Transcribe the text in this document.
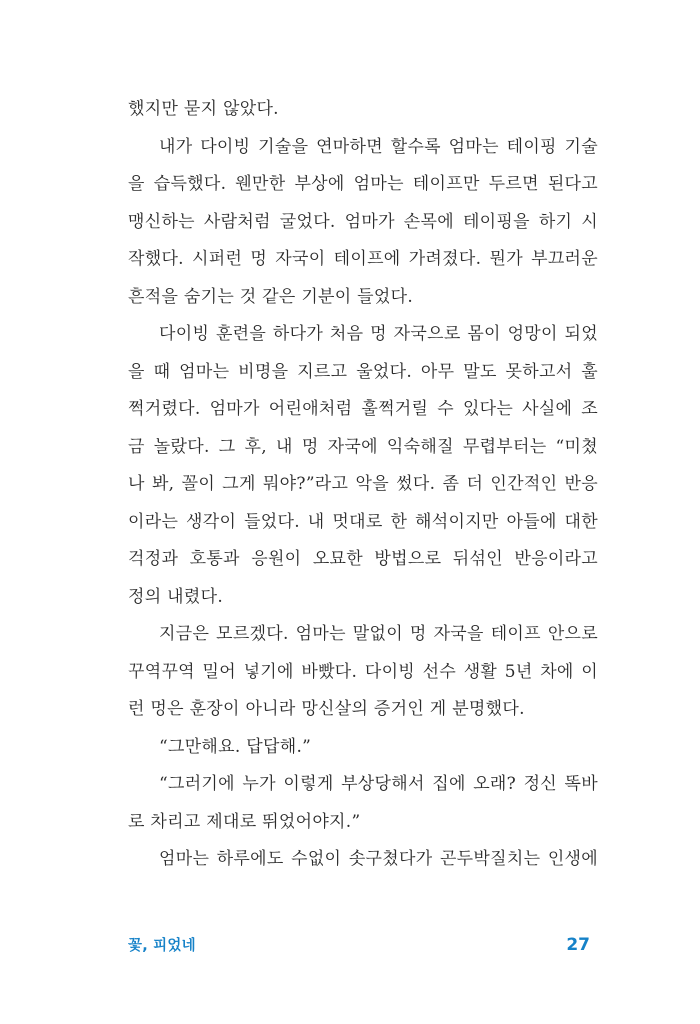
했지만 묻지 않았다.
내가 다이빙 기술을 연마하면 할수록 엄마는 테이핑 기술
을 습득했다. 웬만한 부상에 엄마는 테이프만 두르면 된다고
맹신하는 사람처럼 굴었다. 엄마가 손목에 테이핑을 하기 시
작했다. 시퍼런 멍 자국이 테이프에 가려졌다. 뭔가 부끄러운
흔적을 숨기는 것 같은 기분이 들었다.
다이빙 훈련을 하다가 처음 멍 자국으로 몸이 엉망이 되었
을 때 엄마는 비명을 지르고 울었다. 아무 말도 못하고서 훌
쩍거렸다. 엄마가 어린애처럼 훌쩍거릴 수 있다는 사실에 조
금 놀랐다. 그 후, 내 멍 자국에 익숙해질 무렵부터는 “미쳤
나 봐, 꼴이 그게 뭐야?”라고 악을 썼다. 좀 더 인간적인 반응
이라는 생각이 들었다. 내 멋대로 한 해석이지만 아들에 대한
걱정과 호통과 응원이 오묘한 방법으로 뒤섞인 반응이라고
정의 내렸다.
지금은 모르겠다. 엄마는 말없이 멍 자국을 테이프 안으로
꾸역꾸역 밀어 넣기에 바빴다. 다이빙 선수 생활 5년 차에 이
런 멍은 훈장이 아니라 망신살의 증거인 게 분명했다.
“그만해요. 답답해.”
“그러기에 누가 이렇게 부상당해서 집에 오래? 정신 똑바
로 차리고 제대로 뛰었어야지.”
엄마는 하루에도 수없이 솟구쳤다가 곤두박질치는 인생에
꽃, 피었네	27
